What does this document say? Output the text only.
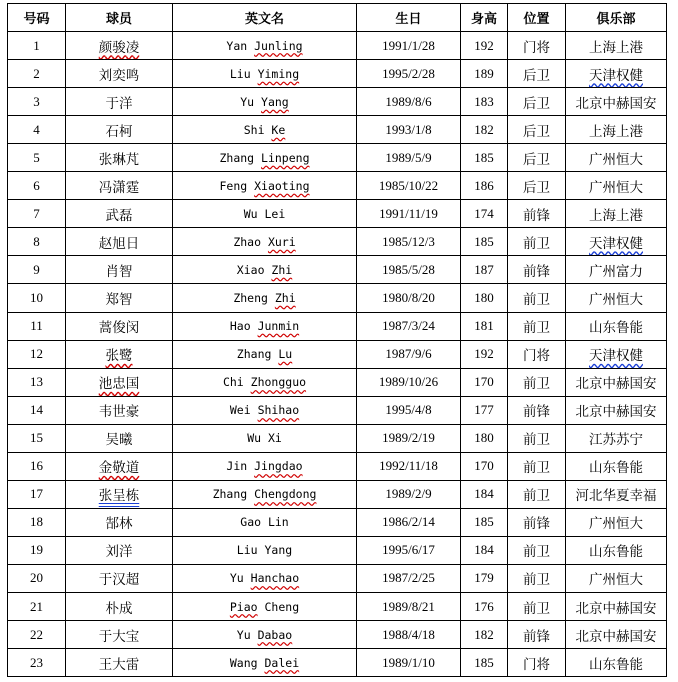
号码	球员	英文名	生日	身高	位置	俱乐部
1	颜骏凌	Yan Junling	1991/1/28	192	门将	上海上港
2	刘奕鸣	Liu Yiming	1995/2/28	189	后卫	天津权健
3	于洋	Yu Yang	1989/8/6	183	后卫	北京中赫国安
4	石柯	Shi Ke	1993/1/8	182	后卫	上海上港
5	张琳芃	Zhang Linpeng	1989/5/9	185	后卫	广州恒大
6	冯潇霆	Feng Xiaoting	1985/10/22	186	后卫	广州恒大
7	武磊	Wu Lei	1991/11/19	174	前锋	上海上港
8	赵旭日	Zhao Xuri	1985/12/3	185	前卫	天津权健
9	肖智	Xiao Zhi	1985/5/28	187	前锋	广州富力
10	郑智	Zheng Zhi	1980/8/20	180	前卫	广州恒大
11	蒿俊闵	Hao Junmin	1987/3/24	181	前卫	山东鲁能
12	张鹭	Zhang Lu	1987/9/6	192	门将	天津权健
13	池忠国	Chi Zhongguo	1989/10/26	170	前卫	北京中赫国安
14	韦世豪	Wei Shihao	1995/4/8	177	前锋	北京中赫国安
15	吴曦	Wu Xi	1989/2/19	180	前卫	江苏苏宁
16	金敬道	Jin Jingdao	1992/11/18	170	前卫	山东鲁能
17	张呈栋	Zhang Chengdong	1989/2/9	184	前卫	河北华夏幸福
18	郜林	Gao Lin	1986/2/14	185	前锋	广州恒大
19	刘洋	Liu Yang	1995/6/17	184	前卫	山东鲁能
20	于汉超	Yu Hanchao	1987/2/25	179	前卫	广州恒大
21	朴成	Piao Cheng	1989/8/21	176	前卫	北京中赫国安
22	于大宝	Yu Dabao	1988/4/18	182	前锋	北京中赫国安
23	王大雷	Wang Dalei	1989/1/10	185	门将	山东鲁能
